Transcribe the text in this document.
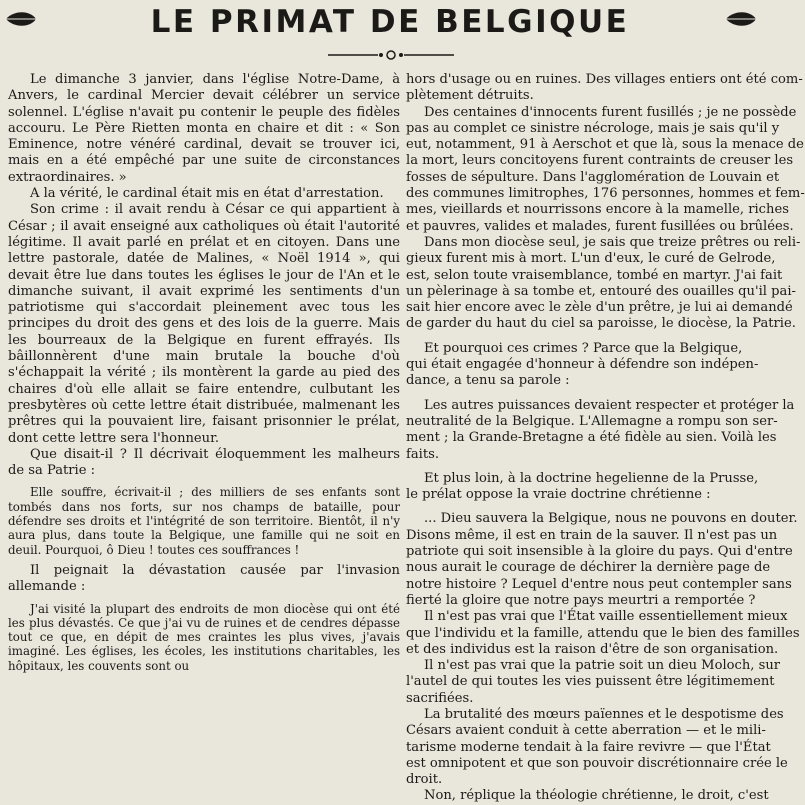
LE PRIMAT DE BELGIQUE

Le dimanche 3 janvier, dans l'église Notre-Dame, à Anvers, le cardinal Mercier devait célébrer un service solennel. L'église n'avait pu contenir le peuple des fidèles accouru. Le Père Rietten monta en chaire et dit : « Son Eminence, notre vénéré cardinal, devait se trouver ici, mais en a été empêché par une suite de circonstances extraordinaires. »

A la vérité, le cardinal était mis en état d'arrestation.

Son crime : il avait rendu à César ce qui appartient à César ; il avait enseigné aux catholiques où était l'autorité légitime. Il avait parlé en prélat et en citoyen. Dans une lettre pastorale, datée de Malines, « Noël 1914 », qui devait être lue dans toutes les églises le jour de l'An et le dimanche suivant, il avait exprimé les sentiments d'un patriotisme qui s'accordait pleinement avec tous les principes du droit des gens et des lois de la guerre. Mais les bourreaux de la Belgique en furent effrayés. Ils bâillonnèrent d'une main brutale la bouche d'où s'échappait la vérité ; ils montèrent la garde au pied des chaires d'où elle allait se faire entendre, culbutant les presbytères où cette lettre était distribuée, malmenant les prêtres qui la pouvaient lire, faisant prisonnier le prélat, dont cette lettre sera l'honneur.

Que disait-il ? Il décrivait éloquemment les malheurs de sa Patrie :

Elle souffre, écrivait-il ; des milliers de ses enfants sont tombés dans nos forts, sur nos champs de bataille, pour défendre ses droits et l'intégrité de son territoire. Bientôt, il n'y aura plus, dans toute la Belgique, une famille qui ne soit en deuil. Pourquoi, ô Dieu ! toutes ces souffrances !

Il peignait la dévastation causée par l'invasion allemande :

J'ai visité la plupart des endroits de mon diocèse qui ont été les plus dévastés. Ce que j'ai vu de ruines et de cendres dépasse tout ce que, en dépit de mes craintes les plus vives, j'avais imaginé. Les églises, les écoles, les institutions charitables, les hôpitaux, les couvents sont ou

hors d'usage ou en ruines. Des villages entiers ont été com-

plètement détruits.

Des centaines d'innocents furent fusillés ; je ne possède

pas au complet ce sinistre nécrologe, mais je sais qu'il y

eut, notamment, 91 à Aerschot et que là, sous la menace de

la mort, leurs concitoyens furent contraints de creuser les

fosses de sépulture. Dans l'agglomération de Louvain et

des communes limitrophes, 176 personnes, hommes et fem-

mes, vieillards et nourrissons encore à la mamelle, riches

et pauvres, valides et malades, furent fusillées ou brûlées.

Dans mon diocèse seul, je sais que treize prêtres ou reli-

gieux furent mis à mort. L'un d'eux, le curé de Gelrode,

est, selon toute vraisemblance, tombé en martyr. J'ai fait

un pèlerinage à sa tombe et, entouré des ouailles qu'il pai-

sait hier encore avec le zèle d'un prêtre, je lui ai demandé

de garder du haut du ciel sa paroisse, le diocèse, la Patrie.

Et pourquoi ces crimes ? Parce que la Belgique,

qui était engagée d'honneur à défendre son indépen-

dance, a tenu sa parole :

Les autres puissances devaient respecter et protéger la

neutralité de la Belgique. L'Allemagne a rompu son ser-

ment ; la Grande-Bretagne a été fidèle au sien. Voilà les

faits.

Et plus loin, à la doctrine hegelienne de la Prusse,

le prélat oppose la vraie doctrine chrétienne :

... Dieu sauvera la Belgique, nous ne pouvons en douter.

Disons même, il est en train de la sauver. Il n'est pas un

patriote qui soit insensible à la gloire du pays. Qui d'entre

nous aurait le courage de déchirer la dernière page de

notre histoire ? Lequel d'entre nous peut contempler sans

fierté la gloire que notre pays meurtri a remportée ?

Il n'est pas vrai que l'État vaille essentiellement mieux

que l'individu et la famille, attendu que le bien des familles

et des individus est la raison d'être de son organisation.

Il n'est pas vrai que la patrie soit un dieu Moloch, sur

l'autel de qui toutes les vies puissent être légitimement

sacrifiées.

La brutalité des mœurs païennes et le despotisme des

Césars avaient conduit à cette aberration — et le mili-

tarisme moderne tendait à la faire revivre — que l'État

est omnipotent et que son pouvoir discrétionnaire crée le

droit.

Non, réplique la théologie chrétienne, le droit, c'est
